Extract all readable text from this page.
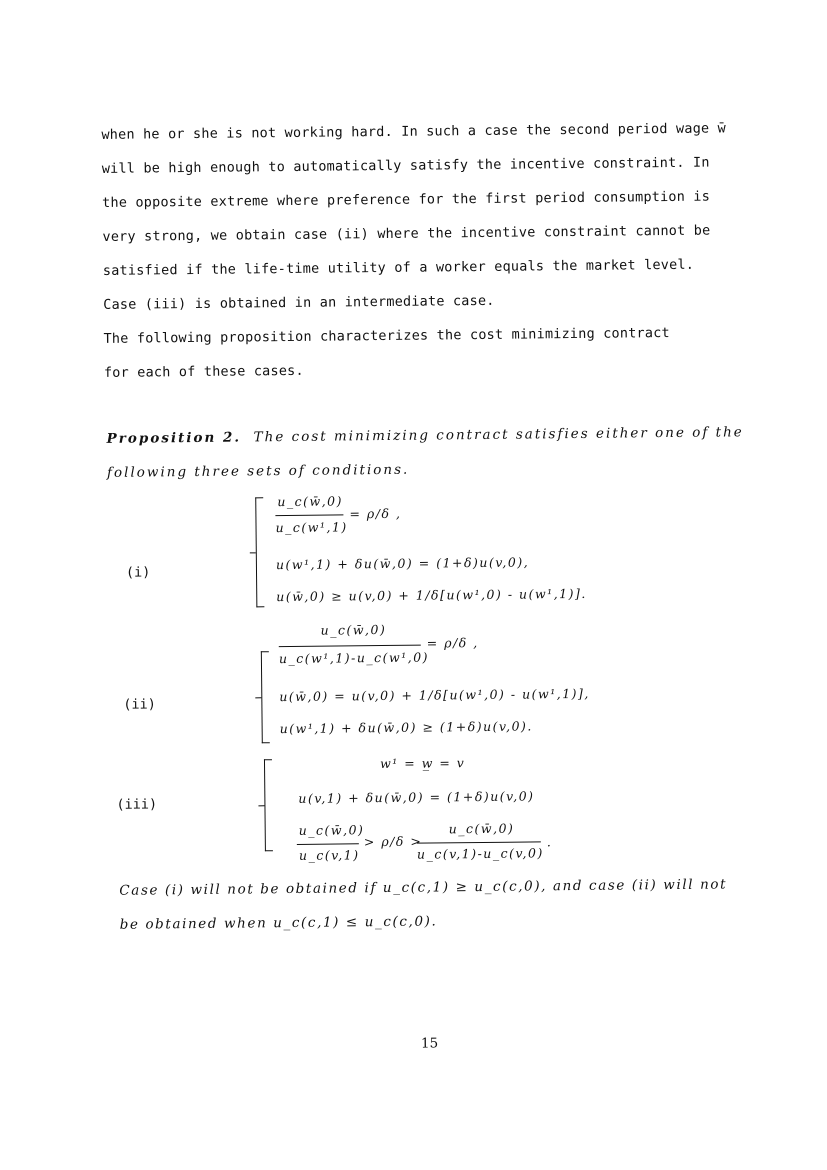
when he or she is not working hard. In such a case the second period wage w̄
will be high enough to automatically satisfy the incentive constraint. In
the opposite extreme where preference for the first period consumption is
very strong, we obtain case (ii) where the incentive constraint cannot be
satisfied if the life-time utility of a worker equals the market level.
Case (iii) is obtained in an intermediate case.
The following proposition characterizes the cost minimizing contract
for each of these cases.
Proposition 2. The cost minimizing contract satisfies either one of the
following three sets of conditions.
(i)
u_c(w̄,0)
u_c(w¹,1)
= ρ/δ ,
u(w¹,1) + δu(w̄,0) = (1+δ)u(v,0),
u(w̄,0) ≥ u(v,0) + 1/δ[u(w¹,0) - u(w¹,1)].
(ii)
u_c(w̄,0)
u_c(w¹,1)-u_c(w¹,0)
= ρ/δ ,
u(w̄,0) = u(v,0) + 1/δ[u(w¹,0) - u(w¹,1)],
u(w¹,1) + δu(w̄,0) ≥ (1+δ)u(v,0).
(iii)
w¹ = w̲ = v
u(v,1) + δu(w̄,0) = (1+δ)u(v,0)
u_c(w̄,0)
u_c(v,1)
> ρ/δ >
u_c(w̄,0)
u_c(v,1)-u_c(v,0)
.
Case (i) will not be obtained if u_c(c,1) ≥ u_c(c,0), and case (ii) will not
be obtained when u_c(c,1) ≤ u_c(c,0).
15
